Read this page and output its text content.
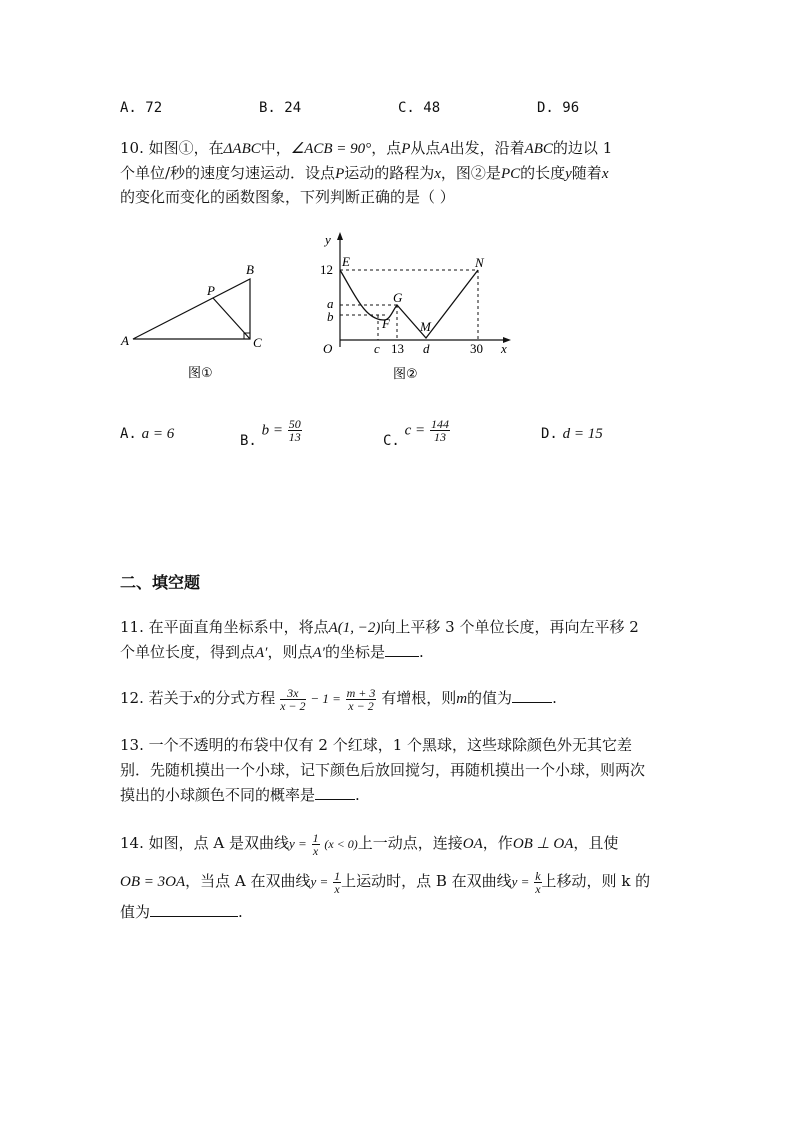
A. 72	B. 24	C. 48	D. 96
10. 如图①，在ΔABC中，∠ACB = 90°，点P从点A出发，沿着ABC的边以 1
个单位/秒的速度匀速运动．设点P运动的路程为x，图②是PC的长度y随着x
的变化而变化的函数图象，下列判断正确的是（ ）
A
B
C
P
图①
y
x
O
E	N
G
F M
12
a
b
c 13 d	30
图②
A. a = 6	B. $b = \frac{50}{13}$	C. $c = \frac{144}{13}$	D. d = 15
二、填空题
11. 在平面直角坐标系中，将点A(1, −2)向上平移 3 个单位长度，再向左平移 2
个单位长度，得到点A′，则点A′的坐标是 .
12. 若关于x的分式方程 $\frac{3x}{x - 2} - 1 = \frac{m + 3}{x - 2}$ 有增根，则m的值为	.
13. 一个不透明的布袋中仅有 2 个红球，1 个黑球，这些球除颜色外无其它差
别．先随机摸出一个小球，记下颜色后放回搅匀，再随机摸出一个小球，则两次
摸出的小球颜色不同的概率是	.
14. 如图，点 A 是双曲线$y = \frac{1}{x} (x < 0)$上一动点，连接OA，作OB ⊥ OA，且使
OB = 3OA，当点 A 在双曲线$y = \frac{1}{x}$ 上运动时，点 B 在双曲线$y = \frac{k}{x}$ 上移动，则 k 的
值为	.
